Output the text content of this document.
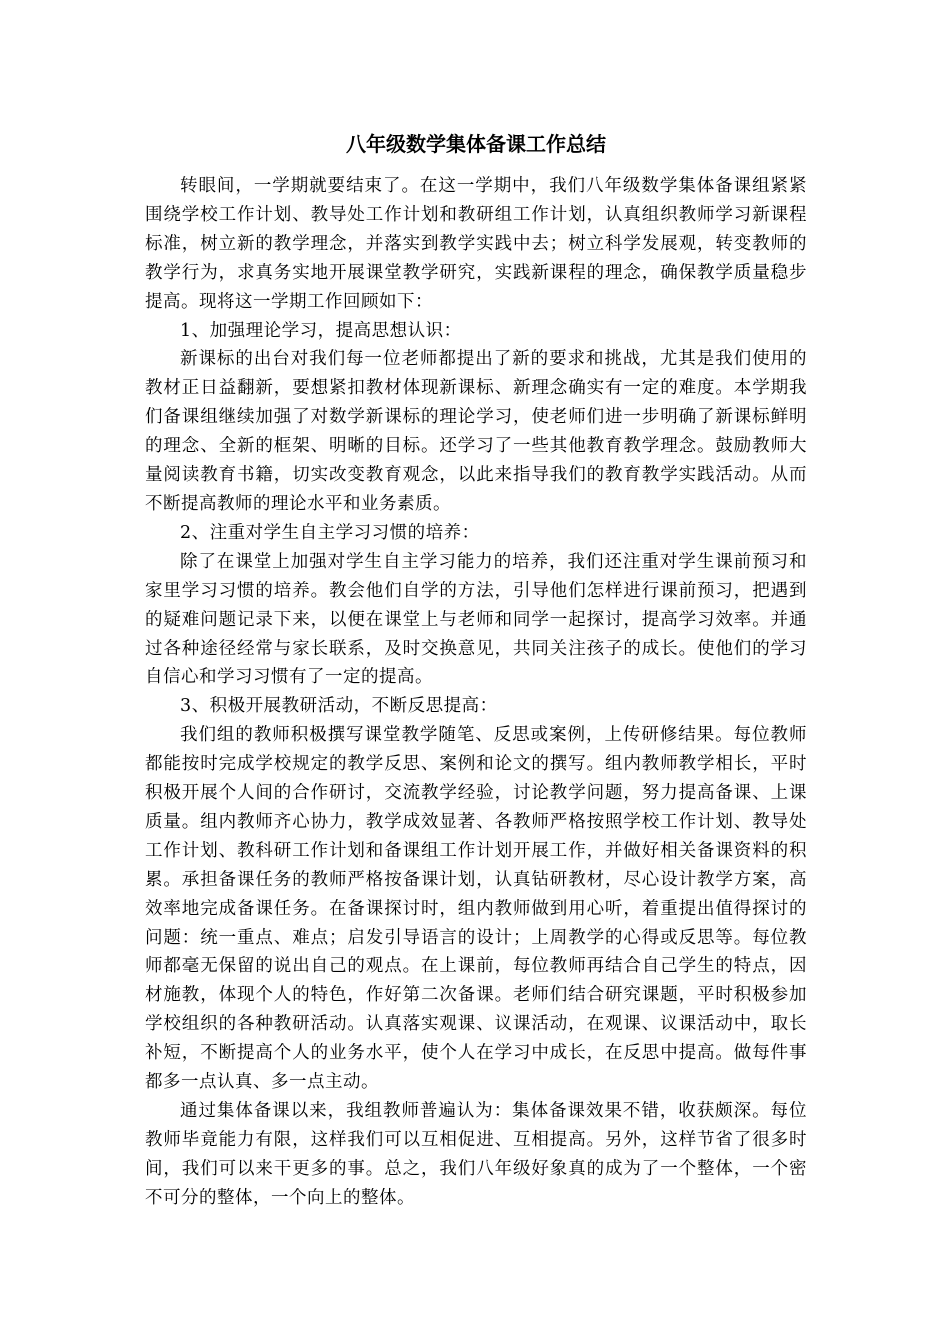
八年级数学集体备课工作总结

转眼间，一学期就要结束了。在这一学期中，我们八年级数学集体备课组紧紧围绕学校工作计划、教导处工作计划和教研组工作计划，认真组织教师学习新课程标准，树立新的教学理念，并落实到教学实践中去；树立科学发展观，转变教师的教学行为，求真务实地开展课堂教学研究，实践新课程的理念，确保教学质量稳步提高。现将这一学期工作回顾如下：

1、加强理论学习，提高思想认识：

新课标的出台对我们每一位老师都提出了新的要求和挑战，尤其是我们使用的教材正日益翻新，要想紧扣教材体现新课标、新理念确实有一定的难度。本学期我们备课组继续加强了对数学新课标的理论学习，使老师们进一步明确了新课标鲜明的理念、全新的框架、明晰的目标。还学习了一些其他教育教学理念。鼓励教师大量阅读教育书籍，切实改变教育观念，以此来指导我们的教育教学实践活动。从而不断提高教师的理论水平和业务素质。

2、注重对学生自主学习习惯的培养：

除了在课堂上加强对学生自主学习能力的培养，我们还注重对学生课前预习和家里学习习惯的培养。教会他们自学的方法，引导他们怎样进行课前预习，把遇到的疑难问题记录下来，以便在课堂上与老师和同学一起探讨，提高学习效率。并通过各种途径经常与家长联系，及时交换意见，共同关注孩子的成长。使他们的学习自信心和学习习惯有了一定的提高。

3、积极开展教研活动，不断反思提高：

我们组的教师积极撰写课堂教学随笔、反思或案例，上传研修结果。每位教师都能按时完成学校规定的教学反思、案例和论文的撰写。组内教师教学相长，平时积极开展个人间的合作研讨，交流教学经验，讨论教学问题，努力提高备课、上课质量。组内教师齐心协力，教学成效显著、各教师严格按照学校工作计划、教导处工作计划、教科研工作计划和备课组工作计划开展工作，并做好相关备课资料的积累。承担备课任务的教师严格按备课计划，认真钻研教材，尽心设计教学方案，高效率地完成备课任务。在备课探讨时，组内教师做到用心听，着重提出值得探讨的问题：统一重点、难点；启发引导语言的设计；上周教学的心得或反思等。每位教师都毫无保留的说出自己的观点。在上课前，每位教师再结合自己学生的特点，因材施教，体现个人的特色，作好第二次备课。老师们结合研究课题，平时积极参加学校组织的各种教研活动。认真落实观课、议课活动，在观课、议课活动中，取长补短，不断提高个人的业务水平，使个人在学习中成长，在反思中提高。做每件事都多一点认真、多一点主动。

通过集体备课以来，我组教师普遍认为：集体备课效果不错，收获颇深。每位教师毕竟能力有限，这样我们可以互相促进、互相提高。另外，这样节省了很多时间，我们可以来干更多的事。总之，我们八年级好象真的成为了一个整体，一个密不可分的整体，一个向上的整体。
